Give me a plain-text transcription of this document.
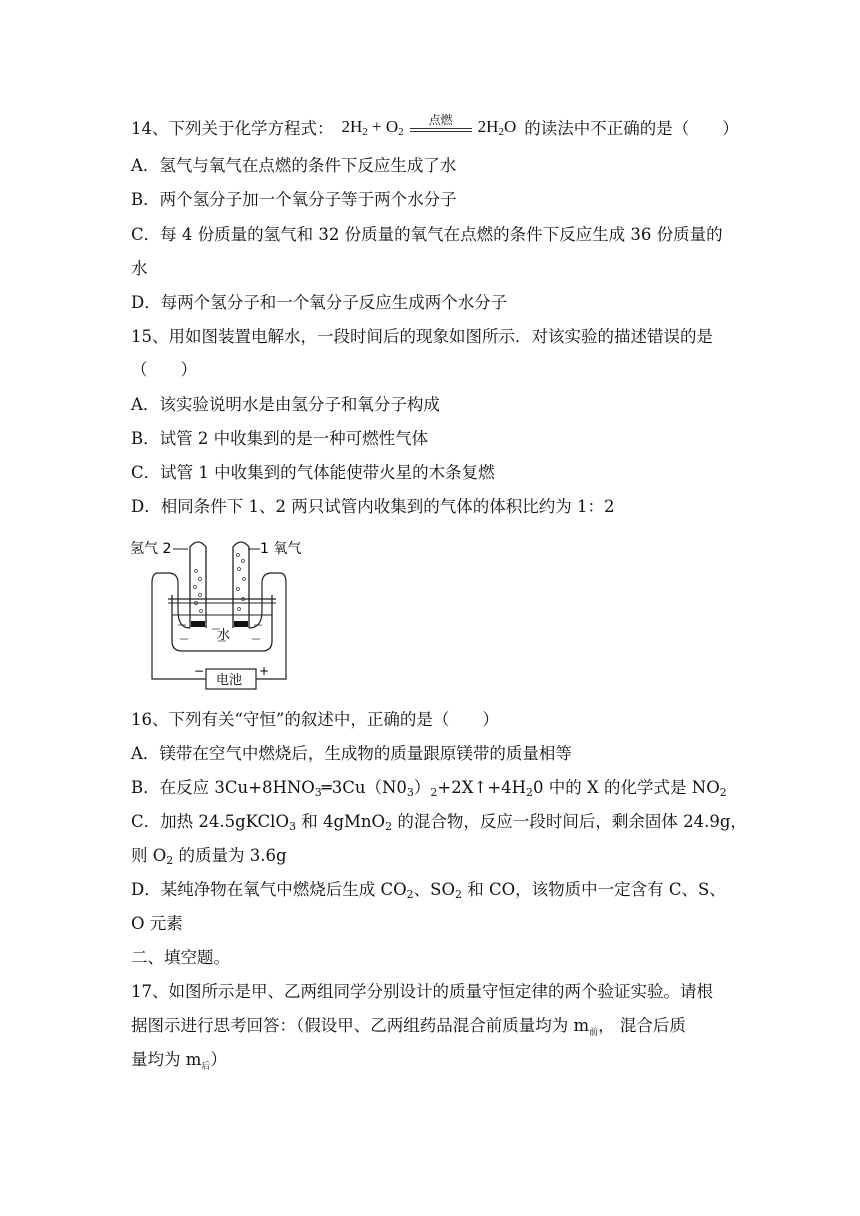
14、下列关于化学方程式： $2H_2 + O_2$
点燃	$2H_2O$ 的读法中不正确的是（　　）
A．氢气与氧气在点燃的条件下反应生成了水
B．两个氢分子加一个氧分子等于两个水分子
C．每 4 份质量的氢气和 32 份质量的氧气在点燃的条件下反应生成 36 份质量的
水
D．每两个氢分子和一个氧分子反应生成两个水分子
15、用如图装置电解水，一段时间后的现象如图所示．对该实验的描述错误的是
（　　）
A．该实验说明水是由氢分子和氧分子构成
B．试管 2 中收集到的是一种可燃性气体
C．试管 1 中收集到的气体能使带火星的木条复燃
D．相同条件下 1、2 两只试管内收集到的气体的体积比约为 1：2
氢气 2	1 氧气
水
电池
−	+
16、下列有关“守恒”的叙述中，正确的是（　　）
A．镁带在空气中燃烧后，生成物的质量跟原镁带的质量相等
B．在反应 $3Cu+8HNO_3═3Cu(N0_3)_2+2X↑+4H_20$ 中的 X 的化学式是 $NO_2$
C．加热 24.5gKClO$_3$ 和 4gMnO$_2$ 的混合物，反应一段时间后，剩余固体 24.9g，
则 $O_2$ 的质量为 3.6g
D．某纯净物在氧气中燃烧后生成 $CO_2$、$SO_2$ 和 CO，该物质中一定含有 C、S、
O 元素
二、填空题。
17、如图所示是甲、乙两组同学分别设计的质量守恒定律的两个验证实验。请根
据图示进行思考回答：（假设甲、乙两组药品混合前质量均为 $m_前$， 混合后质
量均为 $m_后$）
